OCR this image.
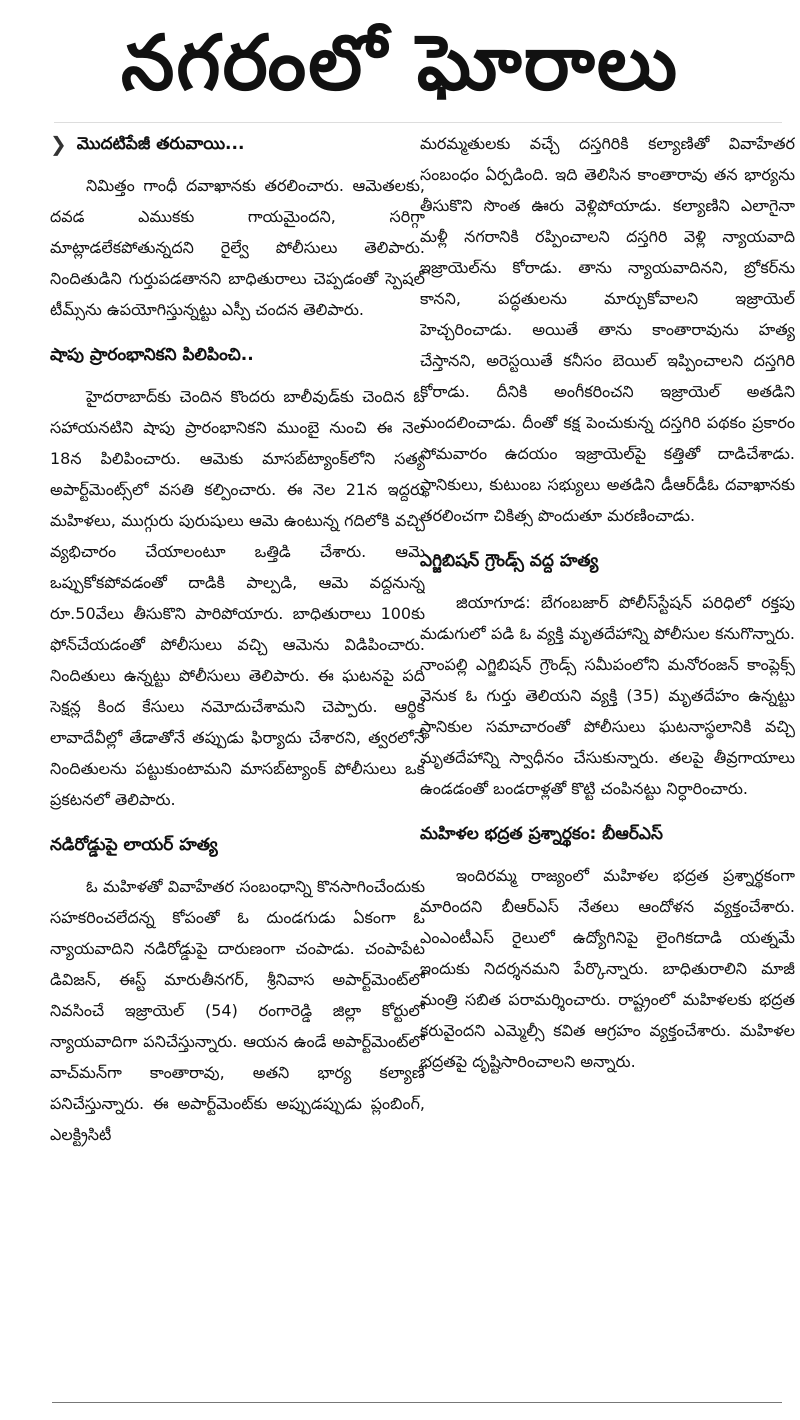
నగరంలో ఘోరాలు
❯ మొదటిపేజీ తరువాయి...

నిమిత్తం గాంధీ దవాఖానకు తరలించారు. ఆమెతలకు, దవడ ఎముకకు గాయమైందని, సరిగ్గా మాట్లాడలేకపోతున్నదని రైల్వే పోలీసులు తెలిపారు. నిందితుడిని గుర్తుపడతానని బాధితురాలు చెప్పడంతో స్పెషల్ టీమ్స్‌ను ఉపయోగిస్తున్నట్టు ఎస్పీ చందన తెలిపారు.

షాపు ప్రారంభానికని పిలిపించి..

హైదరాబాద్‌కు చెందిన కొందరు బాలీవుడ్‌కు చెందిన ఓ సహాయనటిని షాపు ప్రారంభానికని ముంబై నుంచి ఈ నెల 18న పిలిపించారు. ఆమెకు మాసబ్‌ట్యాంక్‌లోని సత్య అపార్ట్‌మెంట్స్‌లో వసతి కల్పించారు. ఈ నెల 21న ఇద్దరు మహిళలు, ముగ్గురు పురుషులు ఆమె ఉంటున్న గదిలోకి వచ్చి వ్యభిచారం చేయాలంటూ ఒత్తిడి చేశారు. ఆమె ఒప్పుకోకపోవడంతో దాడికి పాల్పడి, ఆమె వద్దనున్న రూ.50వేలు తీసుకొని పారిపోయారు. బాధితురాలు 100కు ఫోన్‌చేయడంతో పోలీసులు వచ్చి ఆమెను విడిపించారు. నిందితులు ఉన్నట్టు పోలీసులు తెలిపారు. ఈ ఘటనపై పది సెక్షన్ల కింద కేసులు నమోదుచేశామని చెప్పారు. ఆర్థిక లావాదేవీల్లో తేడాతోనే తప్పుడు ఫిర్యాదు చేశారని, త్వరలోనే నిందితులను పట్టుకుంటామని మాసబ్‌ట్యాంక్ పోలీసులు ఒక ప్రకటనలో తెలిపారు.

నడిరోడ్డుపై లాయర్ హత్య

ఓ మహిళతో వివాహేతర సంబంధాన్ని కొనసాగించేందుకు సహకరించలేదన్న కోపంతో ఓ దుండగుడు ఏకంగా ఓ న్యాయవాదిని నడిరోడ్డుపై దారుణంగా చంపాడు. చంపాపేట డివిజన్, ఈస్ట్ మారుతీనగర్, శ్రీనివాస అపార్ట్‌మెంట్‌లో నివసించే ఇజ్రాయెల్ (54) రంగారెడ్డి జిల్లా కోర్టులో న్యాయవాదిగా పనిచేస్తున్నారు. ఆయన ఉండే అపార్ట్‌మెంట్‌లో వాచ్‌మన్‌గా కాంతారావు, అతని భార్య కల్యాణి పనిచేస్తున్నారు. ఈ అపార్ట్‌మెంట్‌కు అప్పుడప్పుడు ప్లంబింగ్, ఎలక్ట్రిసిటీ

మరమ్మతులకు వచ్చే దస్తగిరికి కల్యాణితో వివాహేతర సంబంధం ఏర్పడింది. ఇది తెలిసిన కాంతారావు తన భార్యను తీసుకొని సొంత ఊరు వెళ్లిపోయాడు. కల్యాణిని ఎలాగైనా మళ్లీ నగరానికి రప్పించాలని దస్తగిరి వెళ్లి న్యాయవాది ఇజ్రాయెల్‌ను కోరాడు. తాను న్యాయవాదినని, బ్రోకర్‌ను కానని, పద్ధతులను మార్చుకోవాలని ఇజ్రాయెల్ హెచ్చరించాడు. అయితే తాను కాంతారావును హత్య చేస్తానని, అరెస్టయితే కనీసం బెయిల్ ఇప్పించాలని దస్తగిరి కోరాడు. దీనికి అంగీకరించని ఇజ్రాయెల్ అతడిని మందలించాడు. దీంతో కక్ష పెంచుకున్న దస్తగిరి పథకం ప్రకారం సోమవారం ఉదయం ఇజ్రాయెల్‌పై కత్తితో దాడిచేశాడు. స్థానికులు, కుటుంబ సభ్యులు అతడిని డీఆర్‌డీఓ దవాఖానకు తరలించగా చికిత్స పొందుతూ మరణించాడు.

ఎగ్జిబిషన్ గ్రౌండ్స్ వద్ద హత్య

జియాగూడ: బేగంబజార్ పోలీస్‌స్టేషన్ పరిధిలో రక్తపు మడుగులో పడి ఓ వ్యక్తి మృతదేహాన్ని పోలీసుల కనుగొన్నారు. నాంపల్లి ఎగ్జిబిషన్ గ్రౌండ్స్ సమీపంలోని మనోరంజన్ కాంప్లెక్స్ వెనుక ఓ గుర్తు తెలియని వ్యక్తి (35) మృతదేహం ఉన్నట్టు స్థానికుల సమాచారంతో పోలీసులు ఘటనాస్థలానికి వచ్చి మృతదేహాన్ని స్వాధీనం చేసుకున్నారు. తలపై తీవ్రగాయాలు ఉండడంతో బండరాళ్లతో కొట్టి చంపినట్టు నిర్ధారించారు.

మహిళల భద్రత ప్రశ్నార్థకం: బీఆర్‌ఎస్

ఇందిరమ్మ రాజ్యంలో మహిళల భద్రత ప్రశ్నార్థకంగా మారిందని బీఆర్‌ఎస్ నేతలు ఆందోళన వ్యక్తంచేశారు. ఎంఎంటీఎస్ రైలులో ఉద్యోగినిపై లైంగికదాడి యత్నమే ఇందుకు నిదర్శనమని పేర్కొన్నారు. బాధితురాలిని మాజీ మంత్రి సబిత పరామర్శించారు. రాష్ట్రంలో మహిళలకు భద్రత కరువైందని ఎమ్మెల్సీ కవిత ఆగ్రహం వ్యక్తంచేశారు. మహిళల భద్రతపై దృష్టిసారించాలని అన్నారు.
